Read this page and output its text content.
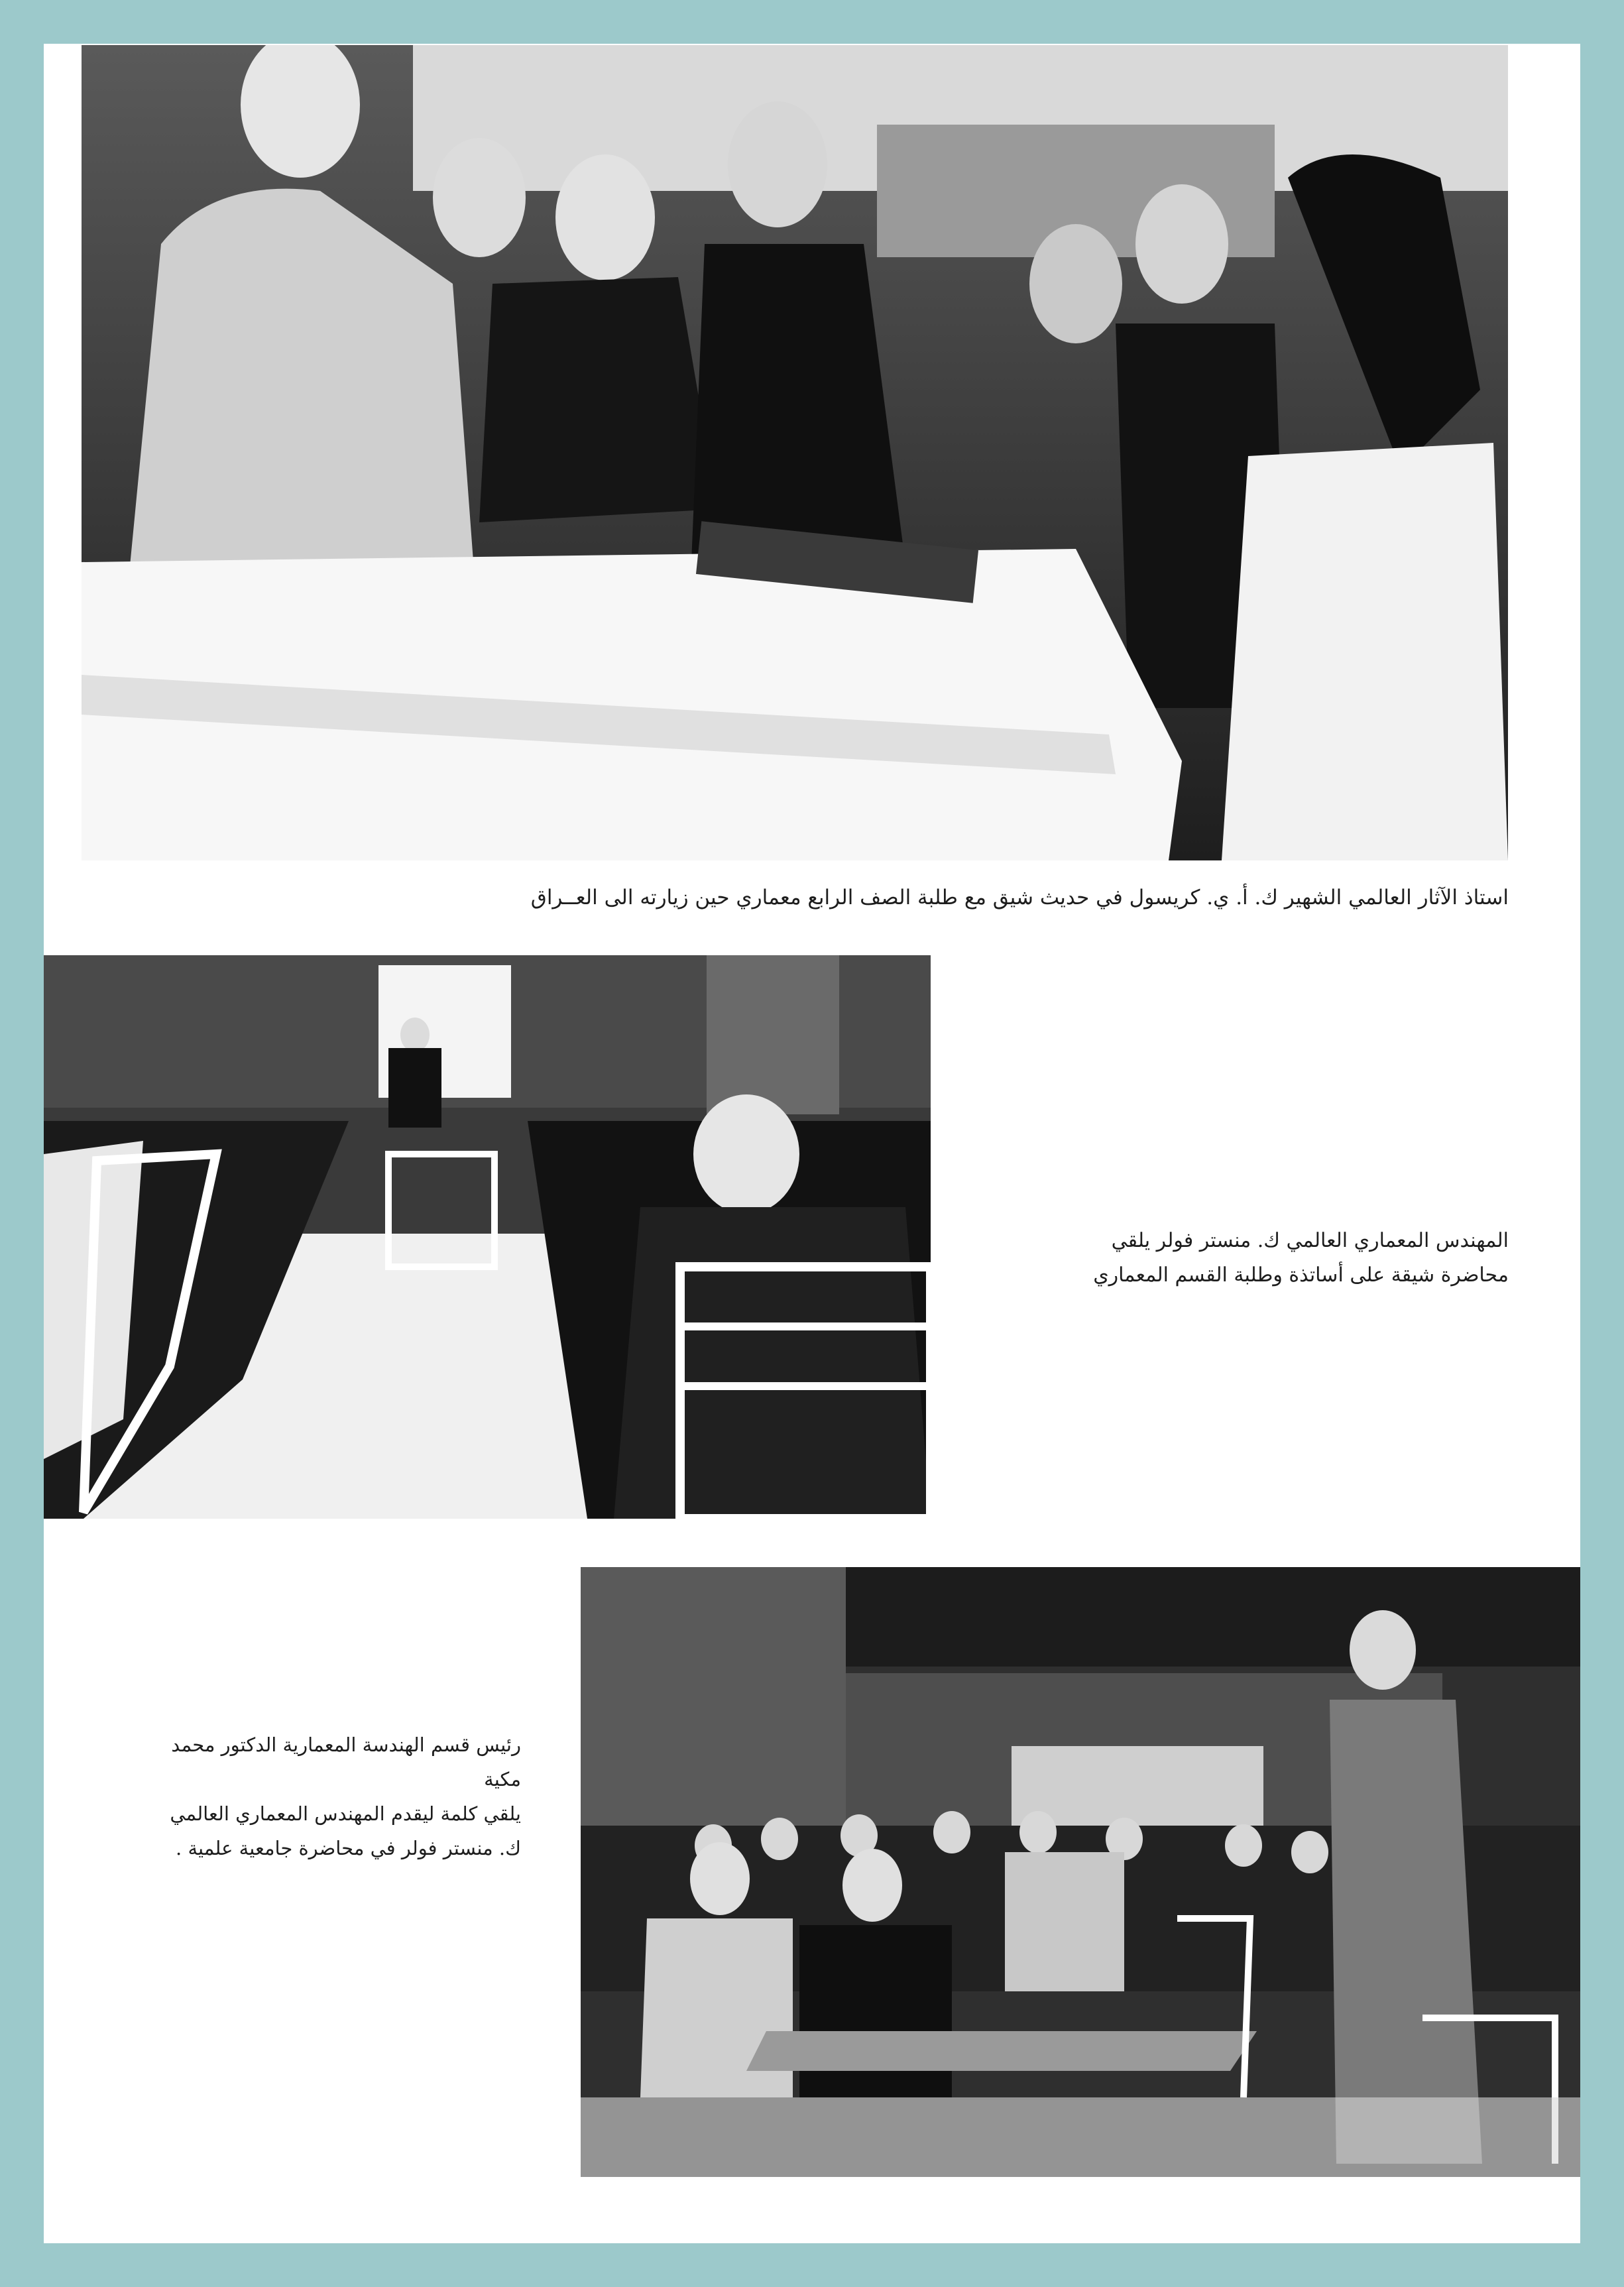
استاذ الآثار العالمي الشهير ك. أ. ي. كريسول في حديث شيق مع طلبة الصف الرابع معماري حين زيارته الى العــراق
المهندس المعماري العالمي ك. منستر فولر يلقي
محاضرة شيقة على أساتذة وطلبة القسم المعماري
رئيس قسم الهندسة المعمارية الدكتور محمد مكية
يلقي كلمة ليقدم المهندس المعماري العالمي
ك. منستر فولر في محاضرة جامعية علمية .
